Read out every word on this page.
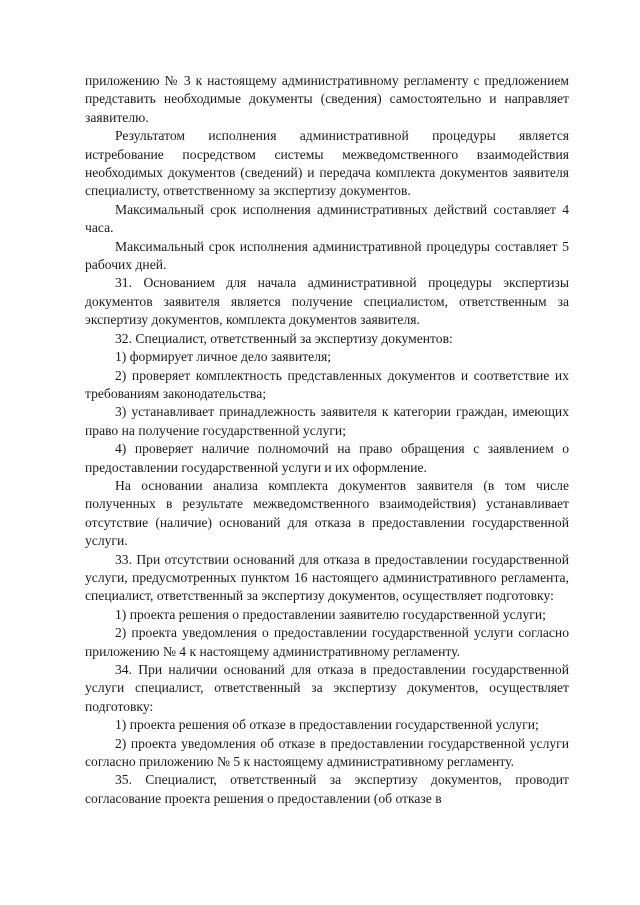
приложению № 3 к настоящему административному регламенту с предложением представить необходимые документы (сведения) самостоятельно и направляет заявителю.

Результатом исполнения административной процедуры является истребование посредством системы межведомственного взаимодействия необходимых документов (сведений) и передача комплекта документов заявителя специалисту, ответственному за экспертизу документов.

Максимальный срок исполнения административных действий составляет 4 часа.

Максимальный срок исполнения административной процедуры составляет 5 рабочих дней.

31. Основанием для начала административной процедуры экспертизы документов заявителя является получение специалистом, ответственным за экспертизу документов, комплекта документов заявителя.

32. Специалист, ответственный за экспертизу документов:

1) формирует личное дело заявителя;

2) проверяет комплектность представленных документов и соответствие их требованиям законодательства;

3) устанавливает принадлежность заявителя к категории граждан, имеющих право на получение государственной услуги;

4) проверяет наличие полномочий на право обращения с заявлением о предоставлении государственной услуги и их оформление.

На основании анализа комплекта документов заявителя (в том числе полученных в результате межведомственного взаимодействия) устанавливает отсутствие (наличие) оснований для отказа в предоставлении государственной услуги.

33. При отсутствии оснований для отказа в предоставлении государственной услуги, предусмотренных пунктом 16 настоящего административного регламента, специалист, ответственный за экспертизу документов, осуществляет подготовку:

1) проекта решения о предоставлении заявителю государственной услуги;

2) проекта уведомления о предоставлении государственной услуги согласно приложению № 4 к настоящему административному регламенту.

34. При наличии оснований для отказа в предоставлении государственной услуги специалист, ответственный за экспертизу документов, осуществляет подготовку:

1) проекта решения об отказе в предоставлении государственной услуги;

2) проекта уведомления об отказе в предоставлении государственной услуги согласно приложению № 5 к настоящему административному регламенту.

35. Специалист, ответственный за экспертизу документов, проводит согласование проекта решения о предоставлении (об отказе в
